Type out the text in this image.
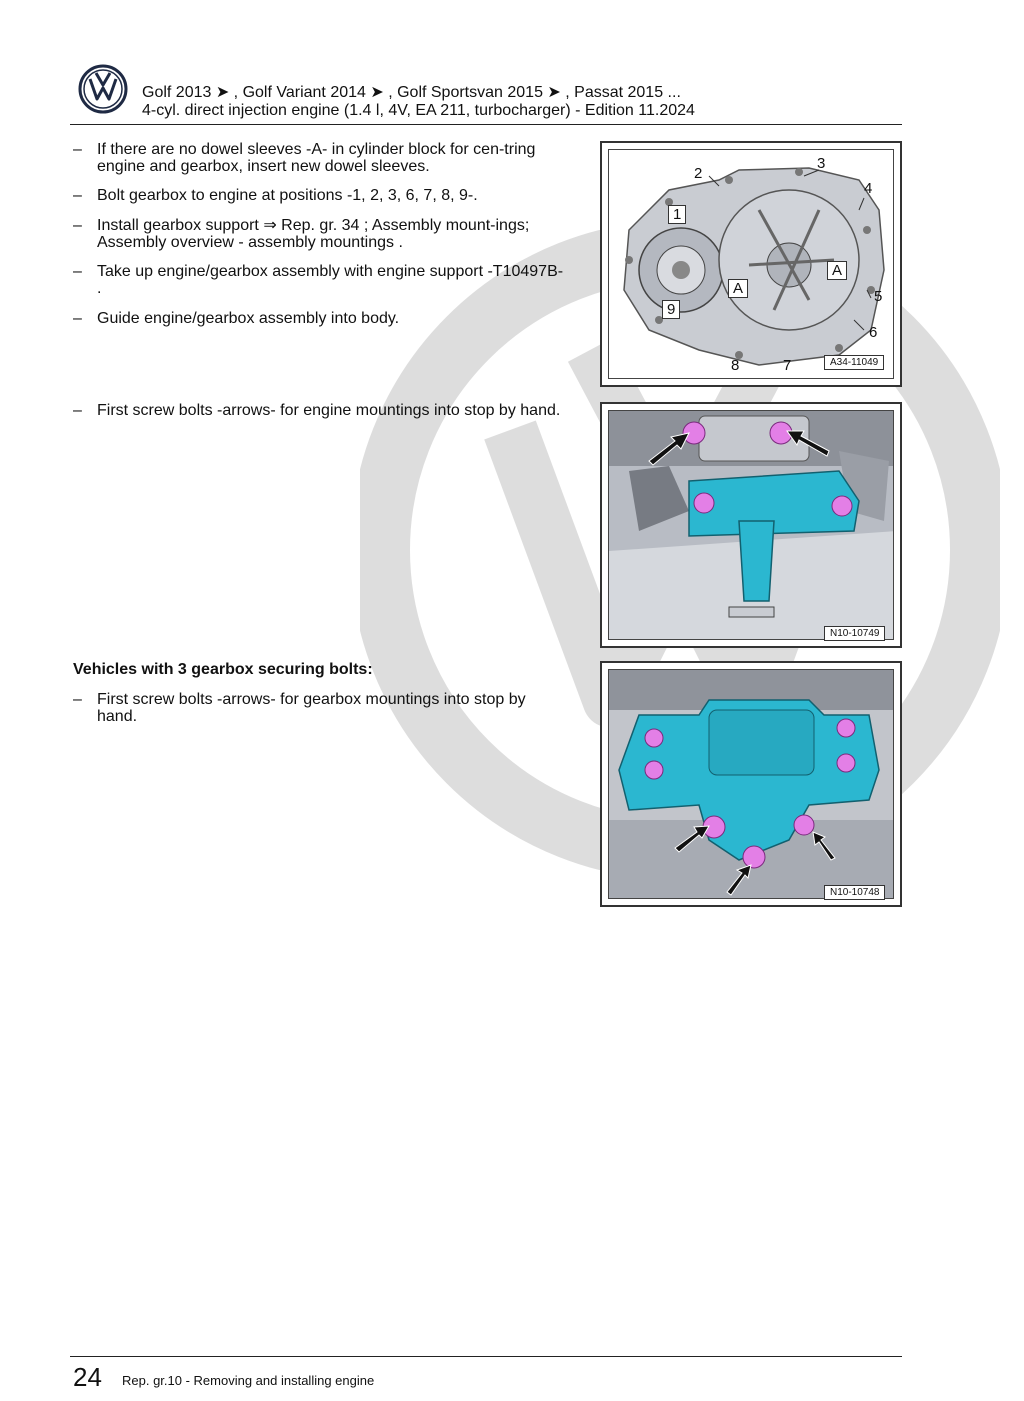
Golf 2013 ➤ , Golf Variant 2014 ➤ , Golf Sportsvan 2015 ➤ , Passat 2015 ...
4-cyl. direct injection engine (1.4 l, 4V, EA 211, turbocharger) - Edition 11.2024
– If there are no dowel sleeves -A- in cylinder block for cen-tring engine and gearbox, insert new dowel sleeves.
– Bolt gearbox to engine at positions -1, 2, 3, 6, 7, 8, 9-.
– Install gearbox support ⇒ Rep. gr. 34 ; Assembly mount-ings; Assembly overview - assembly mountings .
– Take up engine/gearbox assembly with engine support -T10497B- .
– Guide engine/gearbox assembly into body.
– First screw bolts -arrows- for engine mountings into stop by hand.
Vehicles with 3 gearbox securing bolts:
– First screw bolts -arrows- for gearbox mountings into stop by hand.
2
3
4
1
A
A	5
9
6
8	7	A34-11049
N10-10749
N10-10748
24 Rep. gr.10 - Removing and installing engine
